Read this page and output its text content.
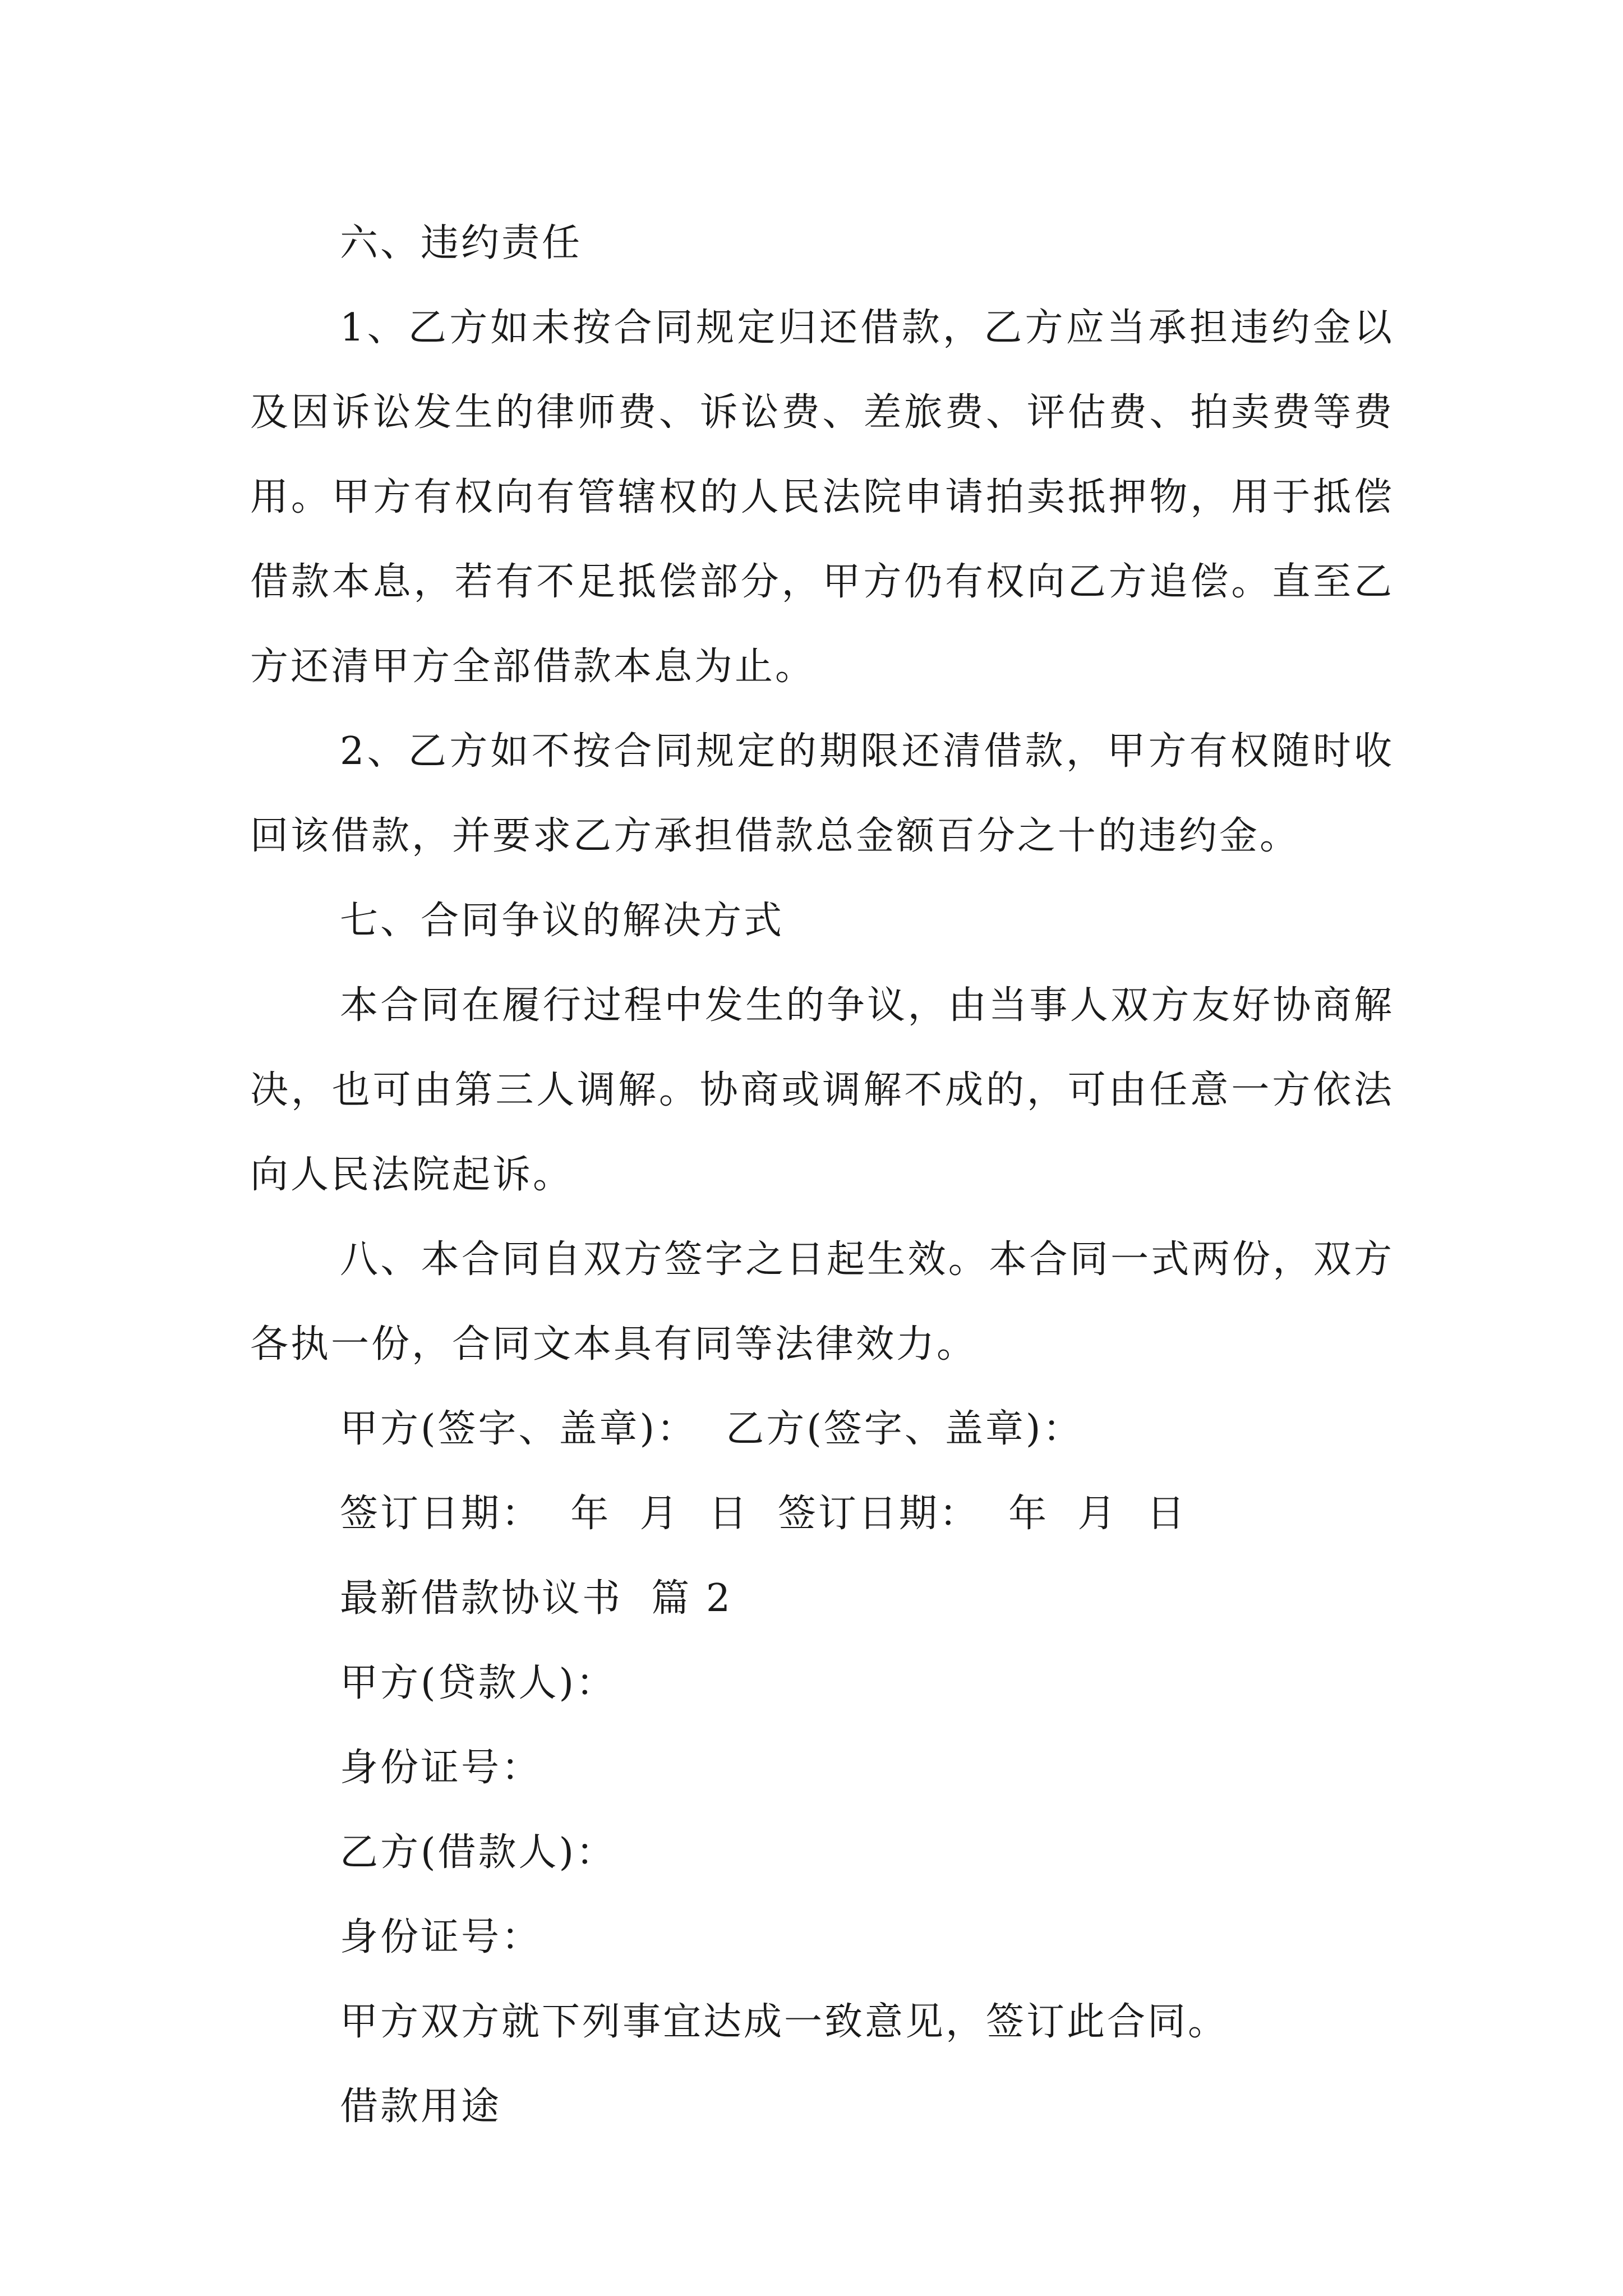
六、违约责任

1、乙方如未按合同规定归还借款，乙方应当承担违约金以及因诉讼发生的律师费、诉讼费、差旅费、评估费、拍卖费等费用。甲方有权向有管辖权的人民法院申请拍卖抵押物，用于抵偿借款本息，若有不足抵偿部分，甲方仍有权向乙方追偿。直至乙方还清甲方全部借款本息为止。

2、乙方如不按合同规定的期限还清借款，甲方有权随时收回该借款，并要求乙方承担借款总金额百分之十的违约金。

七、合同争议的解决方式

本合同在履行过程中发生的争议，由当事人双方友好协商解决，也可由第三人调解。协商或调解不成的，可由任意一方依法向人民法院起诉。

八、本合同自双方签字之日起生效。本合同一式两份，双方各执一份，合同文本具有同等法律效力。

甲方(签字、盖章)：  乙方(签字、盖章)：

签订日期：  年  月  日  签订日期：  年  月  日

最新借款协议书  篇 2

甲方(贷款人)：

身份证号：

乙方(借款人)：

身份证号：

甲方双方就下列事宜达成一致意见，签订此合同。

借款用途
